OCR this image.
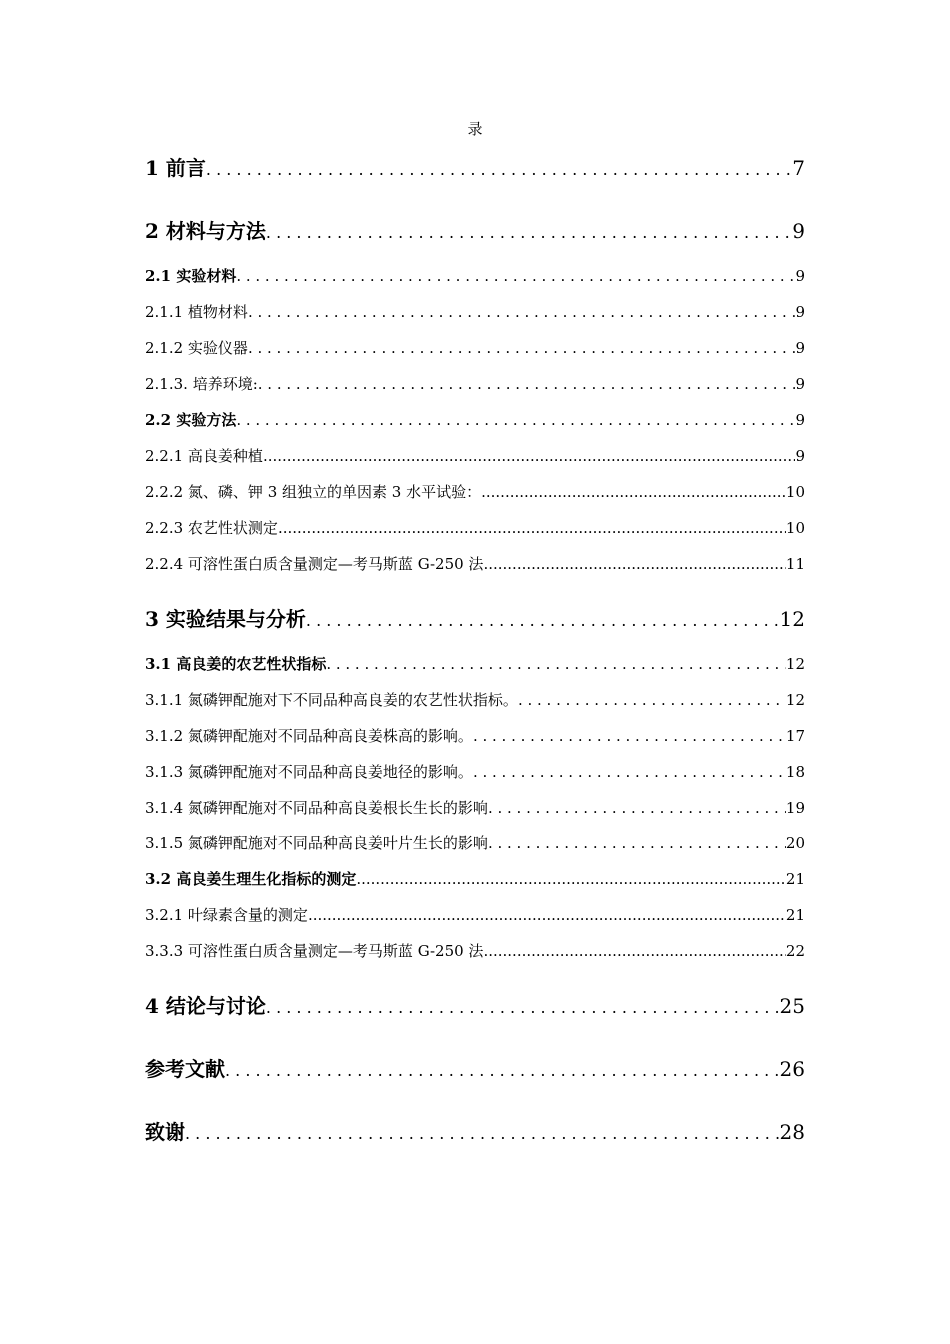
录
1 前言 . . .	7
2 材料与方法 . . .	9
2.1 实验材料 . . .	9
2.1.1 植物材料 . . .	9
2.1.2 实验仪器 . . .	9
2.1.3. 培养环境: . . .	9
2.2 实验方法 . . .	9
2.2.1 高良姜种植 .....	9
2.2.2 氮、磷、钾 3 组独立的单因素 3 水平试验： .....	10
2.2.3 农艺性状测定 .....	10
2.2.4 可溶性蛋白质含量测定—考马斯蓝 G-250 法 .....	11
3 实验结果与分析 . . .	12
3.1 高良姜的农艺性状指标 . . .	12
3.1.1 氮磷钾配施对下不同品种高良姜的农艺性状指标。 . . .	12
3.1.2 氮磷钾配施对不同品种高良姜株高的影响。 . . .	17
3.1.3 氮磷钾配施对不同品种高良姜地径的影响。 . . .	18
3.1.4 氮磷钾配施对不同品种高良姜根长生长的影响 . . .	19
3.1.5 氮磷钾配施对不同品种高良姜叶片生长的影响 . . .	20
3.2 高良姜生理生化指标的测定 .....	21
3.2.1 叶绿素含量的测定 .....	21
3.3.3 可溶性蛋白质含量测定—考马斯蓝 G-250 法 .....	22
4 结论与讨论 . . .	25
参考文献 . . .	26
致谢 . . .	28
